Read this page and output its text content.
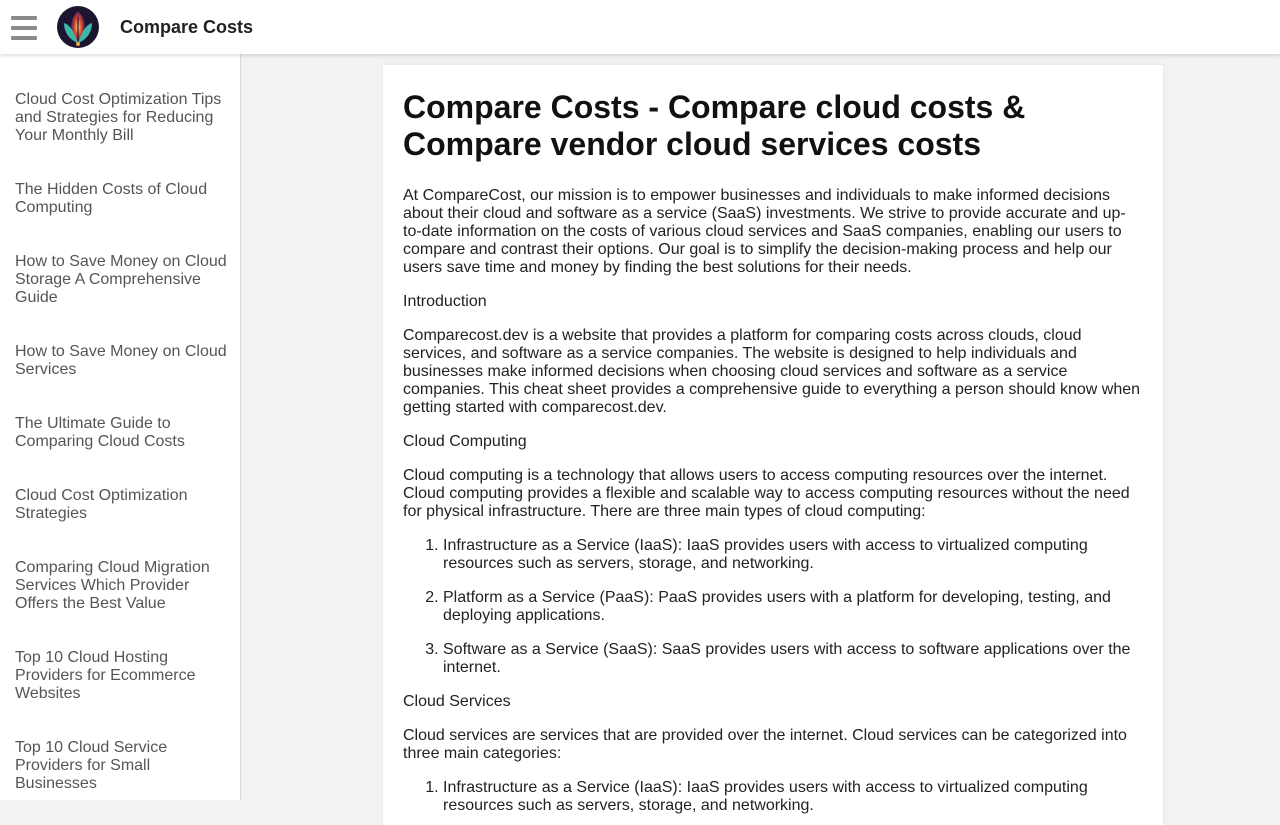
Compare Costs
Cloud Cost Optimization Tips and Strategies for Reducing Your Monthly Bill
The Hidden Costs of Cloud Computing
How to Save Money on Cloud Storage A Comprehensive Guide
How to Save Money on Cloud Services
The Ultimate Guide to Comparing Cloud Costs
Cloud Cost Optimization Strategies
Comparing Cloud Migration Services Which Provider Offers the Best Value
Top 10 Cloud Hosting Providers for Ecommerce Websites
Top 10 Cloud Service Providers for Small Businesses
Compare Costs - Compare cloud costs & Compare vendor cloud services costs

At CompareCost, our mission is to empower businesses and individuals to make informed decisions about their cloud and software as a service (SaaS) investments. We strive to provide accurate and up-to-date information on the costs of various cloud services and SaaS companies, enabling our users to compare and contrast their options. Our goal is to simplify the decision-making process and help our users save time and money by finding the best solutions for their needs.

Introduction

Comparecost.dev is a website that provides a platform for comparing costs across clouds, cloud services, and software as a service companies. The website is designed to help individuals and businesses make informed decisions when choosing cloud services and software as a service companies. This cheat sheet provides a comprehensive guide to everything a person should know when getting started with comparecost.dev.

Cloud Computing

Cloud computing is a technology that allows users to access computing resources over the internet. Cloud computing provides a flexible and scalable way to access computing resources without the need for physical infrastructure. There are three main types of cloud computing:

1. Infrastructure as a Service (IaaS): IaaS provides users with access to virtualized computing resources such as servers, storage, and networking.
2. Platform as a Service (PaaS): PaaS provides users with a platform for developing, testing, and deploying applications.
3. Software as a Service (SaaS): SaaS provides users with access to software applications over the internet.

Cloud Services

Cloud services are services that are provided over the internet. Cloud services can be categorized into three main categories:

1. Infrastructure as a Service (IaaS): IaaS provides users with access to virtualized computing resources such as servers, storage, and networking.
